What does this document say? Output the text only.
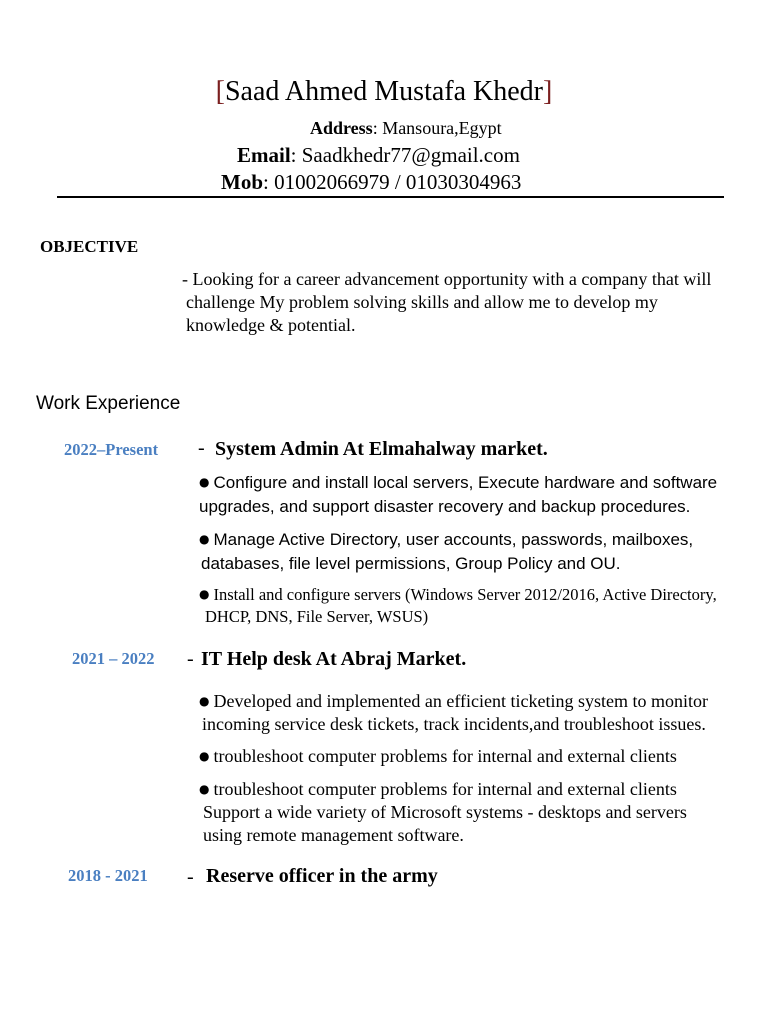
[Saad Ahmed Mustafa Khedr]
Address: Mansoura,Egypt
Email: Saadkhedr77@gmail.com
Mob: 01002066979 / 01030304963
OBJECTIVE
- Looking for a career advancement opportunity with a company that will
challenge My problem solving skills and allow me to develop my
knowledge & potential.
Work Experience
2022–Present - System Admin At Elmahalway market.
● Configure and install local servers, Execute hardware and software
upgrades, and support disaster recovery and backup procedures.
● Manage Active Directory, user accounts, passwords, mailboxes,
databases, file level permissions, Group Policy and OU.
● Install and configure servers (Windows Server 2012/2016, Active Directory,
DHCP, DNS, File Server, WSUS)
2021 – 2022 - IT Help desk At Abraj Market.
● Developed and implemented an efficient ticketing system to monitor
incoming service desk tickets, track incidents,and troubleshoot issues.
● troubleshoot computer problems for internal and external clients
● troubleshoot computer problems for internal and external clients
Support a wide variety of Microsoft systems - desktops and servers
using remote management software.
2018 - 2021 - Reserve officer in the army
